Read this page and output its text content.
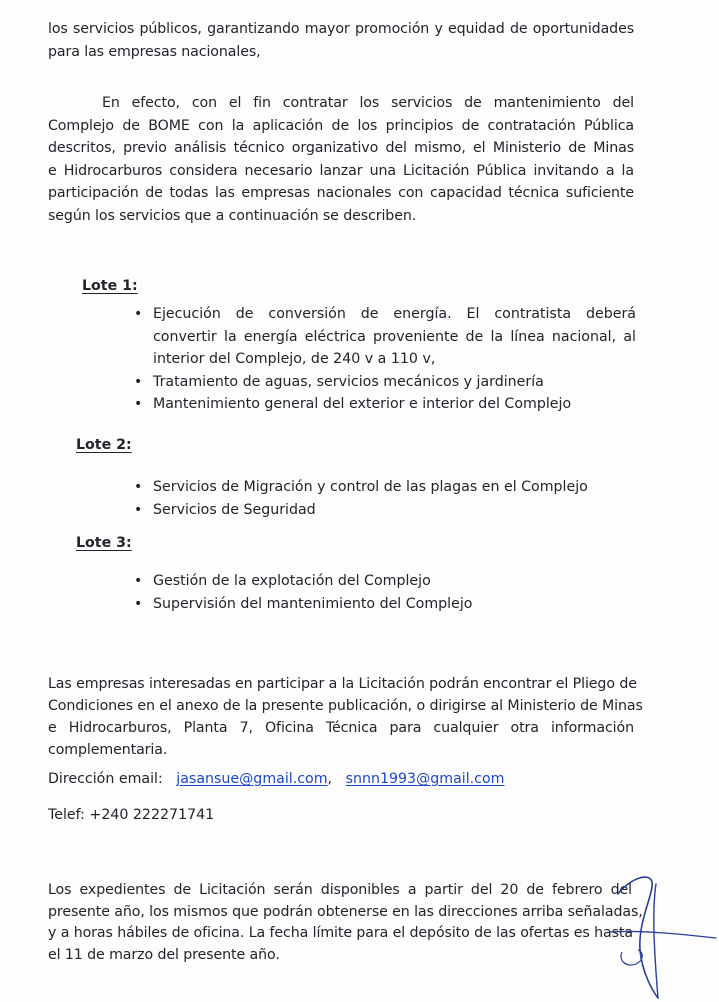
los servicios públicos, garantizando mayor promoción y equidad de oportunidades
para las empresas nacionales,
En efecto, con el fin contratar los servicios de mantenimiento del
Complejo de BOME con la aplicación de los principios de contratación Pública
descritos, previo análisis técnico organizativo del mismo, el Ministerio de Minas
e Hidrocarburos considera necesario lanzar una Licitación Pública invitando a la
participación de todas las empresas nacionales con capacidad técnica suficiente
según los servicios que a continuación se describen.
Lote 1:
• Ejecución de conversión de energía. El contratista deberá
convertir la energía eléctrica proveniente de la línea nacional, al
interior del Complejo, de 240 v a 110 v,
• Tratamiento de aguas, servicios mecánicos y jardinería
• Mantenimiento general del exterior e interior del Complejo
Lote 2:
• Servicios de Migración y control de las plagas en el Complejo
• Servicios de Seguridad
Lote 3:
• Gestión de la explotación del Complejo
• Supervisión del mantenimiento del Complejo
Las empresas interesadas en participar a la Licitación podrán encontrar el Pliego de
Condiciones en el anexo de la presente publicación, o dirigirse al Ministerio de Minas
e Hidrocarburos, Planta 7, Oficina Técnica para cualquier otra información
complementaria.
Dirección email: jasansue@gmail.com, snnn1993@gmail.com
Telef: +240 222271741
Los expedientes de Licitación serán disponibles a partir del 20 de febrero del
presente año, los mismos que podrán obtenerse en las direcciones arriba señaladas,
y a horas hábiles de oficina. La fecha límite para el depósito de las ofertas es hasta
el 11 de marzo del presente año.
